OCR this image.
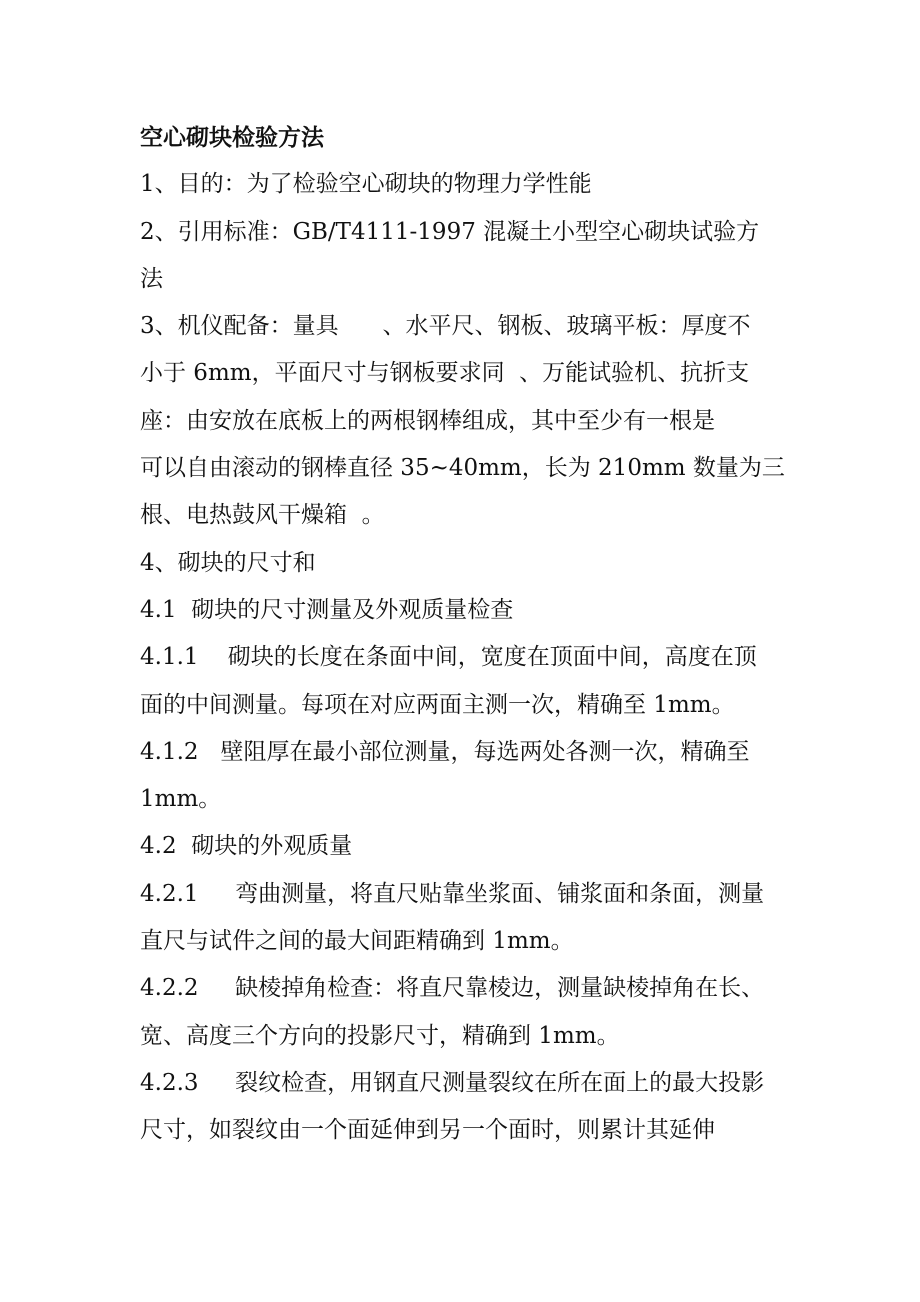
空心砌块检验方法
1、目的：为了检验空心砌块的物理力学性能
2、引用标准：GB/T4111-1997 混凝土小型空心砌块试验方
法
3、机仪配备：量具      、水平尺、钢板、玻璃平板：厚度不
小于 6mm，平面尺寸与钢板要求同  、万能试验机、抗折支
座：由安放在底板上的两根钢棒组成，其中至少有一根是
可以自由滚动的钢棒直径 35~40mm，长为 210mm 数量为三
根、电热鼓风干燥箱  。
4、砌块的尺寸和
4.1  砌块的尺寸测量及外观质量检查
4.1.1    砌块的长度在条面中间，宽度在顶面中间，高度在顶
面的中间测量。每项在对应两面主测一次，精确至 1mm。
4.1.2   壁阻厚在最小部位测量，每选两处各测一次，精确至
1mm。
4.2  砌块的外观质量
4.2.1     弯曲测量，将直尺贴靠坐浆面、铺浆面和条面，测量
直尺与试件之间的最大间距精确到 1mm。
4.2.2     缺棱掉角检查：将直尺靠棱边，测量缺棱掉角在长、
宽、高度三个方向的投影尺寸，精确到 1mm。
4.2.3     裂纹检查，用钢直尺测量裂纹在所在面上的最大投影
尺寸，如裂纹由一个面延伸到另一个面时，则累计其延伸
